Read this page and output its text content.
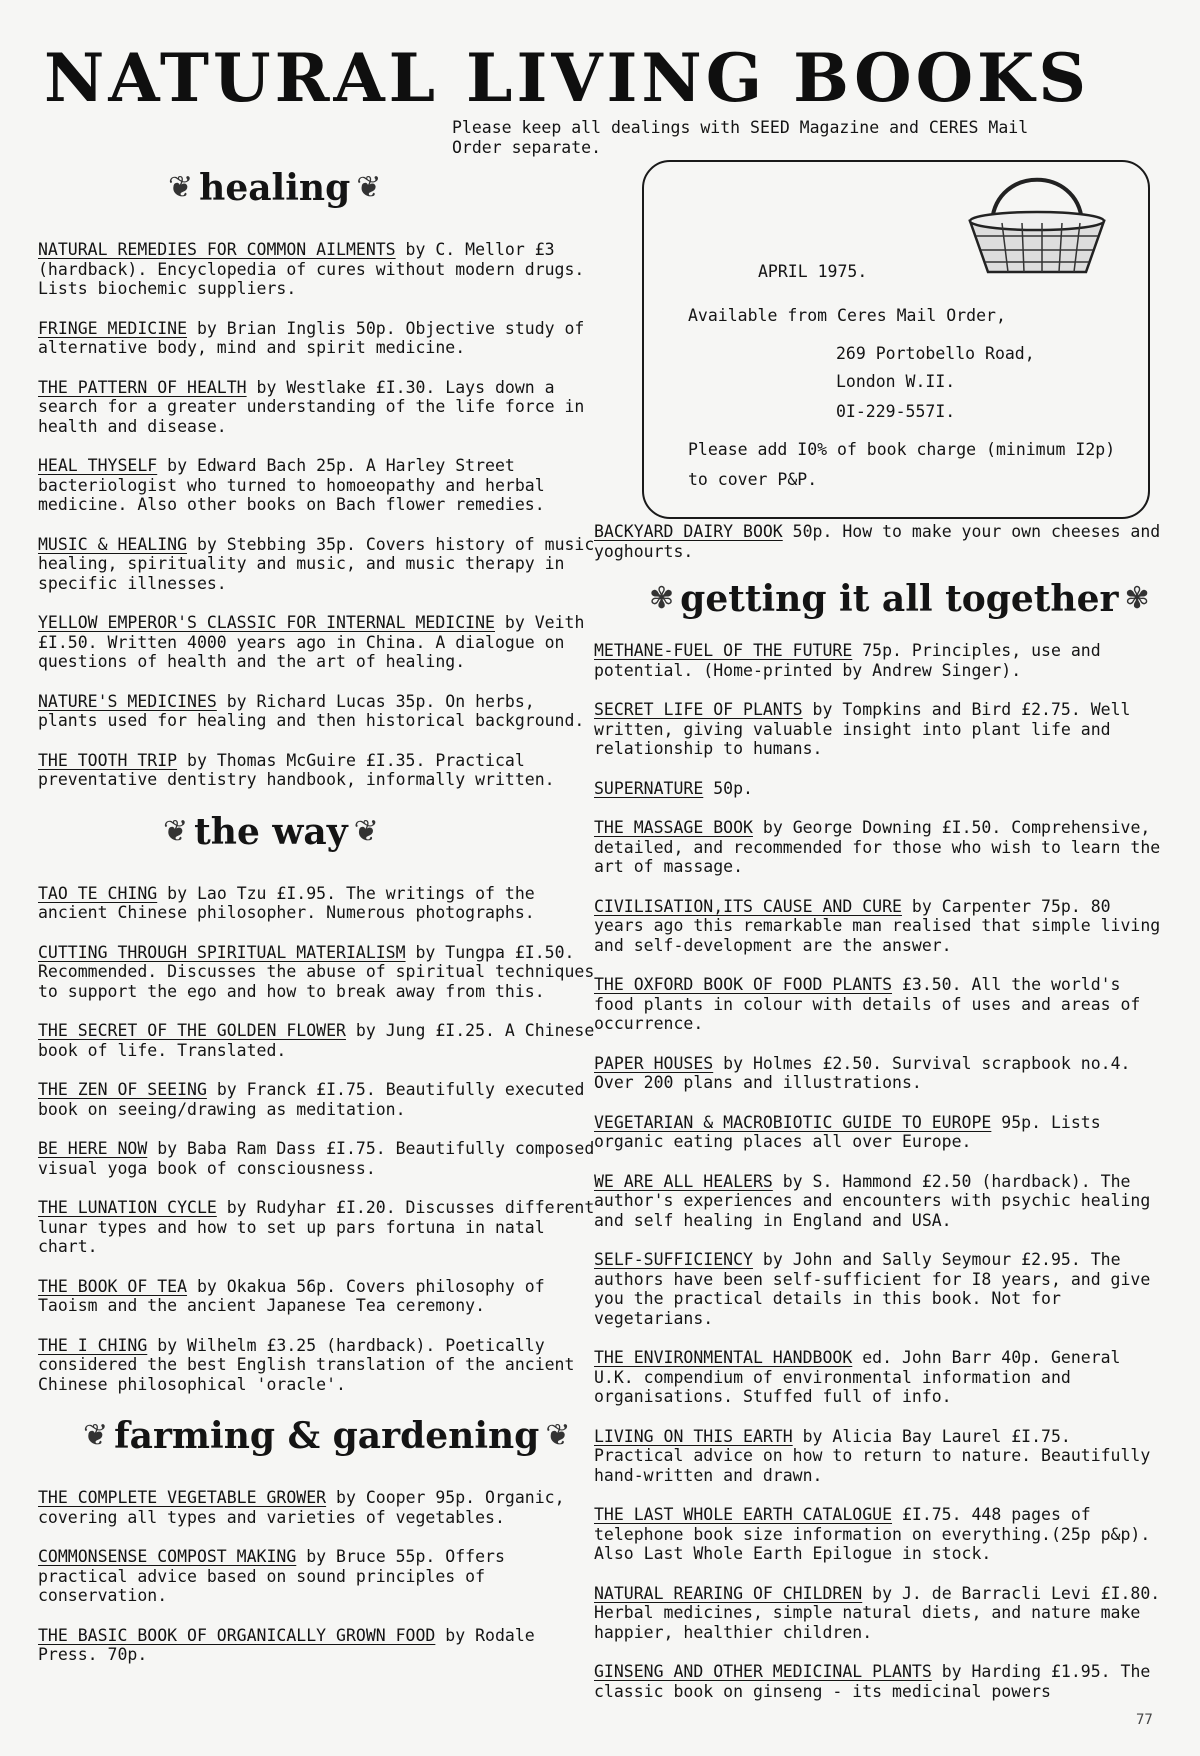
NATURAL LIVING BOOKS
Please keep all dealings with SEED Magazine and CERES Mail Order separate.
APRIL 1975.
Available from Ceres Mail Order,
269 Portobello Road,
London W.II.
0I-229-557I.
Please add I0% of book charge (minimum I2p)
to cover P&P.
❦ healing ❦
NATURAL REMEDIES FOR COMMON AILMENTS by C. Mellor £3 (hardback). Encyclopedia of cures without modern drugs. Lists biochemic suppliers.
FRINGE MEDICINE by Brian Inglis 50p. Objective study of alternative body, mind and spirit medicine.
THE PATTERN OF HEALTH by Westlake £I.30. Lays down a search for a greater understanding of the life force in health and disease.
HEAL THYSELF by Edward Bach 25p. A Harley Street bacteriologist who turned to homoeopathy and herbal medicine. Also other books on Bach flower remedies.
MUSIC & HEALING by Stebbing 35p. Covers history of music healing, spirituality and music, and music therapy in specific illnesses.
YELLOW EMPEROR'S CLASSIC FOR INTERNAL MEDICINE by Veith £I.50. Written 4000 years ago in China. A dialogue on questions of health and the art of healing.
NATURE'S MEDICINES by Richard Lucas 35p. On herbs, plants used for healing and then historical background.
THE TOOTH TRIP by Thomas McGuire £I.35. Practical preventative dentistry handbook, informally written.
❦ the way ❦
TAO TE CHING by Lao Tzu £I.95. The writings of the ancient Chinese philosopher. Numerous photographs.
CUTTING THROUGH SPIRITUAL MATERIALISM by Tungpa £I.50. Recommended. Discusses the abuse of spiritual techniques to support the ego and how to break away from this.
THE SECRET OF THE GOLDEN FLOWER by Jung £I.25. A Chinese book of life. Translated.
THE ZEN OF SEEING by Franck £I.75. Beautifully executed book on seeing/drawing as meditation.
BE HERE NOW by Baba Ram Dass £I.75. Beautifully composed visual yoga book of consciousness.
THE LUNATION CYCLE by Rudyhar £I.20. Discusses different lunar types and how to set up pars fortuna in natal chart.
THE BOOK OF TEA by Okakua 56p. Covers philosophy of Taoism and the ancient Japanese Tea ceremony.
THE I CHING by Wilhelm £3.25 (hardback). Poetically considered the best English translation of the ancient Chinese philosophical 'oracle'.
❦ farming & gardening ❦
THE COMPLETE VEGETABLE GROWER by Cooper 95p. Organic, covering all types and varieties of vegetables.
COMMONSENSE COMPOST MAKING by Bruce 55p. Offers practical advice based on sound principles of conservation.
THE BASIC BOOK OF ORGANICALLY GROWN FOOD by Rodale Press. 70p.
BACKYARD DAIRY BOOK 50p. How to make your own cheeses and yoghourts.
✾ getting it all together ✾
METHANE-FUEL OF THE FUTURE 75p. Principles, use and potential. (Home-printed by Andrew Singer).
SECRET LIFE OF PLANTS by Tompkins and Bird £2.75. Well written, giving valuable insight into plant life and relationship to humans.
SUPERNATURE 50p.
THE MASSAGE BOOK by George Downing £I.50. Comprehensive, detailed, and recommended for those who wish to learn the art of massage.
CIVILISATION,ITS CAUSE AND CURE by Carpenter 75p. 80 years ago this remarkable man realised that simple living and self-development are the answer.
THE OXFORD BOOK OF FOOD PLANTS £3.50. All the world's food plants in colour with details of uses and areas of occurrence.
PAPER HOUSES by Holmes £2.50. Survival scrapbook no.4. Over 200 plans and illustrations.
VEGETARIAN & MACROBIOTIC GUIDE TO EUROPE 95p. Lists organic eating places all over Europe.
WE ARE ALL HEALERS by S. Hammond £2.50 (hardback). The author's experiences and encounters with psychic healing and self healing in England and USA.
SELF-SUFFICIENCY by John and Sally Seymour £2.95. The authors have been self-sufficient for I8 years, and give you the practical details in this book. Not for vegetarians.
THE ENVIRONMENTAL HANDBOOK ed. John Barr 40p. General U.K. compendium of environmental information and organisations. Stuffed full of info.
LIVING ON THIS EARTH by Alicia Bay Laurel £I.75. Practical advice on how to return to nature. Beautifully hand-written and drawn.
THE LAST WHOLE EARTH CATALOGUE £I.75. 448 pages of telephone book size information on everything.(25p p&p). Also Last Whole Earth Epilogue in stock.
NATURAL REARING OF CHILDREN by J. de Barracli Levi £I.80. Herbal medicines, simple natural diets, and nature make happier, healthier children.
GINSENG AND OTHER MEDICINAL PLANTS by Harding £1.95. The classic book on ginseng - its medicinal powers
77
